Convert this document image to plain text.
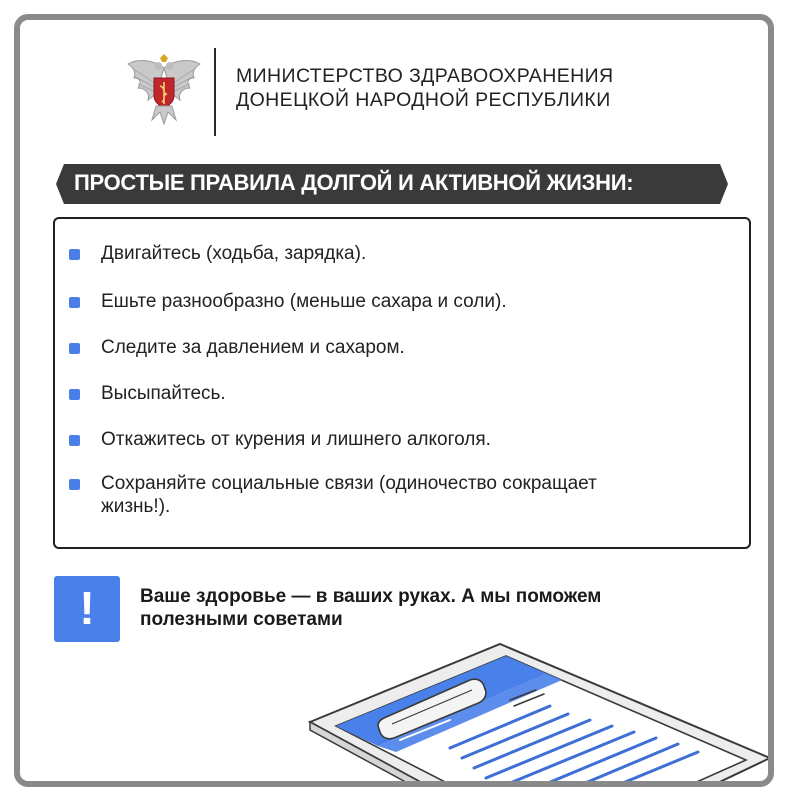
МИНИСТЕРСТВО ЗДРАВООХРАНЕНИЯ
ДОНЕЦКОЙ НАРОДНОЙ РЕСПУБЛИКИ
ПРОСТЫЕ ПРАВИЛА ДОЛГОЙ И АКТИВНОЙ ЖИЗНИ:
Двигайтесь (ходьба, зарядка).
Ешьте разнообразно (меньше сахара и соли).
Следите за давлением и сахаром.
Высыпайтесь.
Откажитесь от курения и лишнего алкоголя.
Сохраняйте социальные связи (одиночество сокращает жизнь!).
!	Ваше здоровье — в ваших руках. А мы поможем полезными советами
